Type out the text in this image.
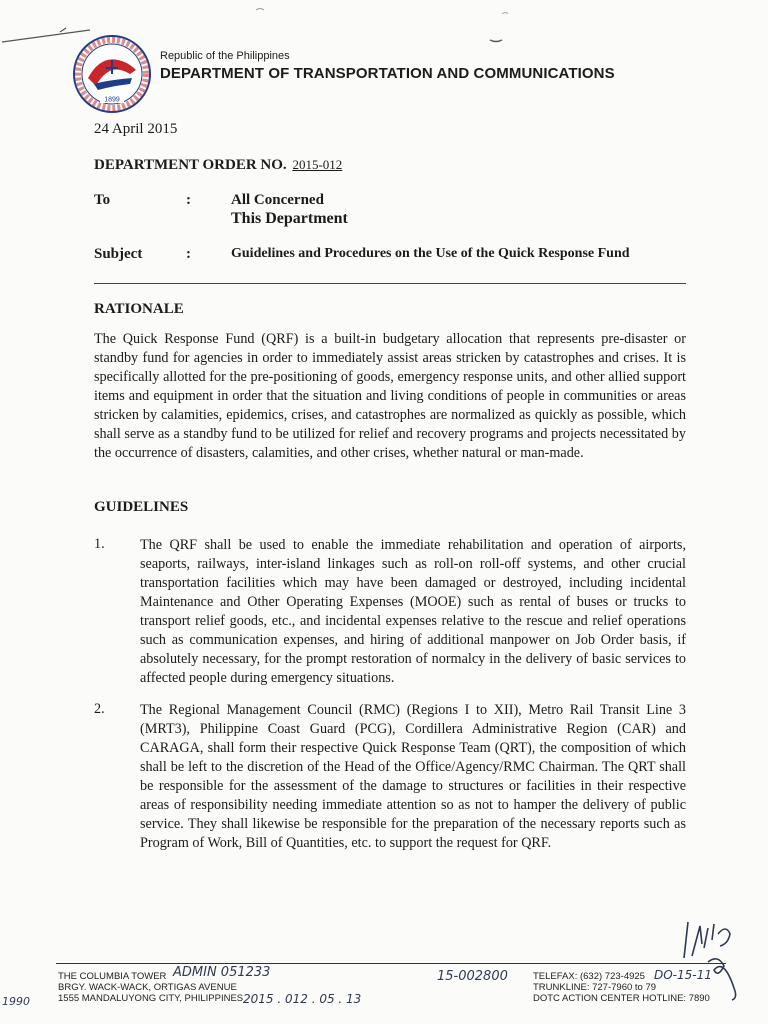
1899
Republic of the Philippines
DEPARTMENT OF TRANSPORTATION AND COMMUNICATIONS
24 April 2015
DEPARTMENT ORDER NO. 2015-012
To	:	All Concerned
This Department
Subject	:	Guidelines and Procedures on the Use of the Quick Response Fund
RATIONALE
The Quick Response Fund (QRF) is a built-in budgetary allocation that represents pre-disaster or standby fund for agencies in order to immediately assist areas stricken by catastrophes and crises. It is specifically allotted for the pre-positioning of goods, emergency response units, and other allied support items and equipment in order that the situation and living conditions of people in communities or areas stricken by calamities, epidemics, crises, and catastrophes are normalized as quickly as possible, which shall serve as a standby fund to be utilized for relief and recovery programs and projects necessitated by the occurrence of disasters, calamities, and other crises, whether natural or man-made.
GUIDELINES
1. The QRF shall be used to enable the immediate rehabilitation and operation of airports, seaports, railways, inter-island linkages such as roll-on roll-off systems, and other crucial transportation facilities which may have been damaged or destroyed, including incidental Maintenance and Other Operating Expenses (MOOE) such as rental of buses or trucks to transport relief goods, etc., and incidental expenses relative to the rescue and relief operations such as communication expenses, and hiring of additional manpower on Job Order basis, if absolutely necessary, for the prompt restoration of normalcy in the delivery of basic services to affected people during emergency situations.
2. The Regional Management Council (RMC) (Regions I to XII), Metro Rail Transit Line 3 (MRT3), Philippine Coast Guard (PCG), Cordillera Administrative Region (CAR) and CARAGA, shall form their respective Quick Response Team (QRT), the composition of which shall be left to the discretion of the Head of the Office/Agency/RMC Chairman. The QRT shall be responsible for the assessment of the damage to structures or facilities in their respective areas of responsibility needing immediate attention so as not to hamper the delivery of public service. They shall likewise be responsible for the preparation of the necessary reports such as Program of Work, Bill of Quantities, etc. to support the request for QRF.
THE COLUMBIA TOWER
BRGY. WACK-WACK, ORTIGAS AVENUE
1555 MANDALUYONG CITY, PHILIPPINES
TELEFAX: (632) 723-4925
TRUNKLINE: 727-7960 to 79
DOTC ACTION CENTER HOTLINE: 7890
ADMIN 051233	15-002800
2015 . 012 . 05 . 13
DO-15-11
1990
